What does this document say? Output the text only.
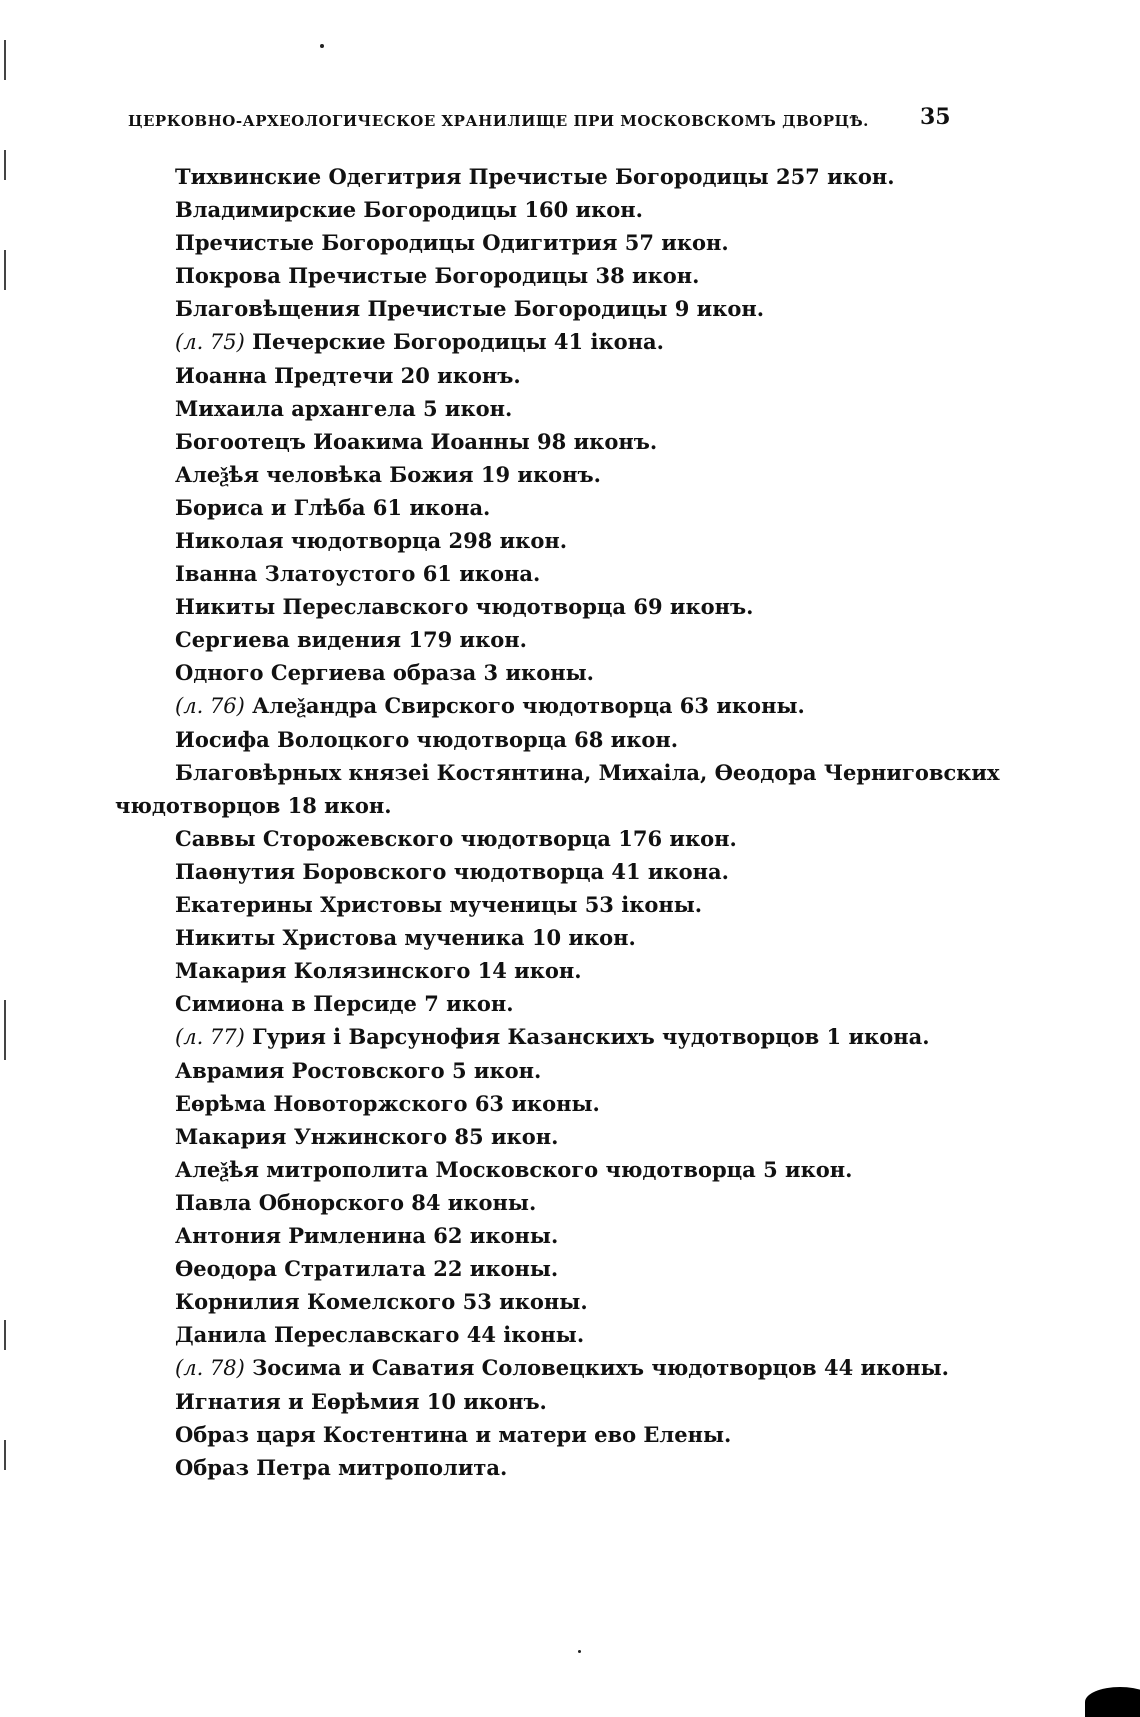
ЦЕРКОВНО-АРХЕОЛОГИЧЕСКОЕ ХРАНИЛИЩЕ ПРИ МОСКОВСКОМЪ ДВОРЦѢ.	35

Тихвинские Одегитрия Пречистые Богородицы 257 икон.

Владимирские Богородицы 160 икон.

Пречистые Богородицы Одигитрия 57 икон.

Покрова Пречистые Богородицы 38 икон.

Благовѣщения Пречистые Богородицы 9 икон.

(л. 75) Печерские Богородицы 41 ікона.

Иоанна Предтечи 20 иконъ.

Михаила архангела 5 икон.

Богоотецъ Иоакима Иоанны 98 иконъ.

Алеѯѣя человѣка Божия 19 иконъ.

Бориса и Глѣба 61 икона.

Николая чюдотворца 298 икон.

Іванна Златоустого 61 икона.

Никиты Переславского чюдотворца 69 иконъ.

Сергиева видения 179 икон.

Одного Сергиева образа 3 иконы.

(л. 76) Алеѯандра Свирского чюдотворца 63 иконы.

Иосифа Волоцкого чюдотворца 68 икон.

Благовѣрных князеі Костянтина, Михаіла, Ѳеодора Черниговских

чюдотворцов 18 икон.

Саввы Сторожевского чюдотворца 176 икон.

Паѳнутия Боровского чюдотворца 41 икона.

Екатерины Христовы мученицы 53 іконы.

Никиты Христова мученика 10 икон.

Макария Колязинского 14 икон.

Симиона в Персиде 7 икон.

(л. 77) Гурия і Варсунофия Казанскихъ чудотворцов 1 икона.

Аврамия Ростовского 5 икон.

Еѳрѣма Новоторжского 63 иконы.

Макария Унжинского 85 икон.

Алеѯѣя митрополита Московского чюдотворца 5 икон.

Павла Обнорского 84 иконы.

Антония Римленина 62 иконы.

Ѳеодора Стратилата 22 иконы.

Корнилия Комелского 53 иконы.

Данила Переславскаго 44 іконы.

(л. 78) Зосима и Саватия Соловецкихъ чюдотворцов 44 иконы.

Игнатия и Еѳрѣмия 10 иконъ.

Образ царя Костентина и матери ево Елены.

Образ Петра митрополита.
